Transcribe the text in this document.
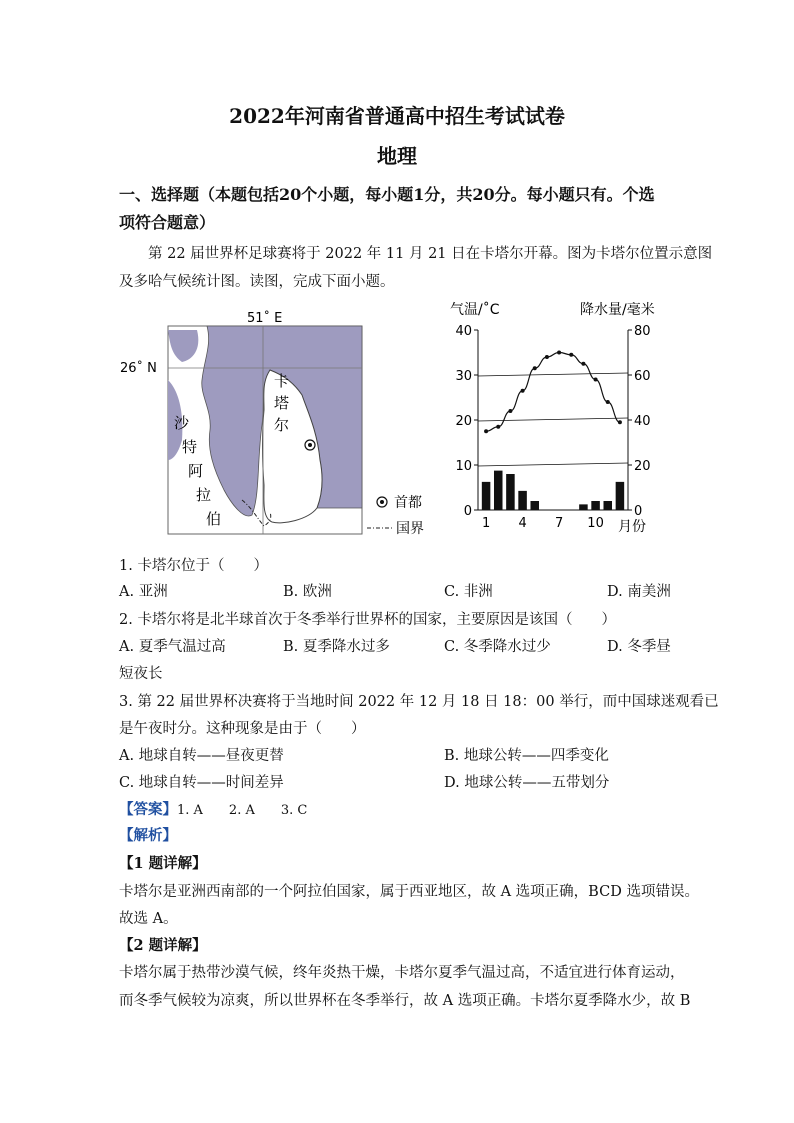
2022年河南省普通高中招生考试试卷
地理
一、选择题（本题包括20个小题，每小题1分，共20分。每小题只有。个选
项符合题意）
第 22 届世界杯足球赛将于 2022 年 11 月 21 日在卡塔尔开幕。图为卡塔尔位置示意图
及多哈气候统计图。读图，完成下面小题。
51˚ E
26˚ N
卡
塔
尔
沙
特
阿
拉
伯
首都
国界
气温/˚C	降水量/毫米
0
10
20
30
40
0
20
40
60
80
1 4 7 10 月份
1. 卡塔尔位于（　　）
A. 亚洲	B. 欧洲	C. 非洲	D. 南美洲
2. 卡塔尔将是北半球首次于冬季举行世界杯的国家，主要原因是该国（　　）
A. 夏季气温过高	B. 夏季降水过多	C. 冬季降水过少	D. 冬季昼
短夜长
3. 第 22 届世界杯决赛将于当地时间 2022 年 12 月 18 日 18：00 举行，而中国球迷观看已
是午夜时分。这种现象是由于（　　）
A. 地球自转——昼夜更替	B. 地球公转——四季变化
C. 地球自转——时间差异	D. 地球公转——五带划分
【答案】1. A　　2. A　　3. C
【解析】
【1 题详解】
卡塔尔是亚洲西南部的一个阿拉伯国家，属于西亚地区，故 A 选项正确，BCD 选项错误。
故选 A。
【2 题详解】
卡塔尔属于热带沙漠气候，终年炎热干燥，卡塔尔夏季气温过高，不适宜进行体育运动，
而冬季气候较为凉爽，所以世界杯在冬季举行，故 A 选项正确。卡塔尔夏季降水少，故 B
